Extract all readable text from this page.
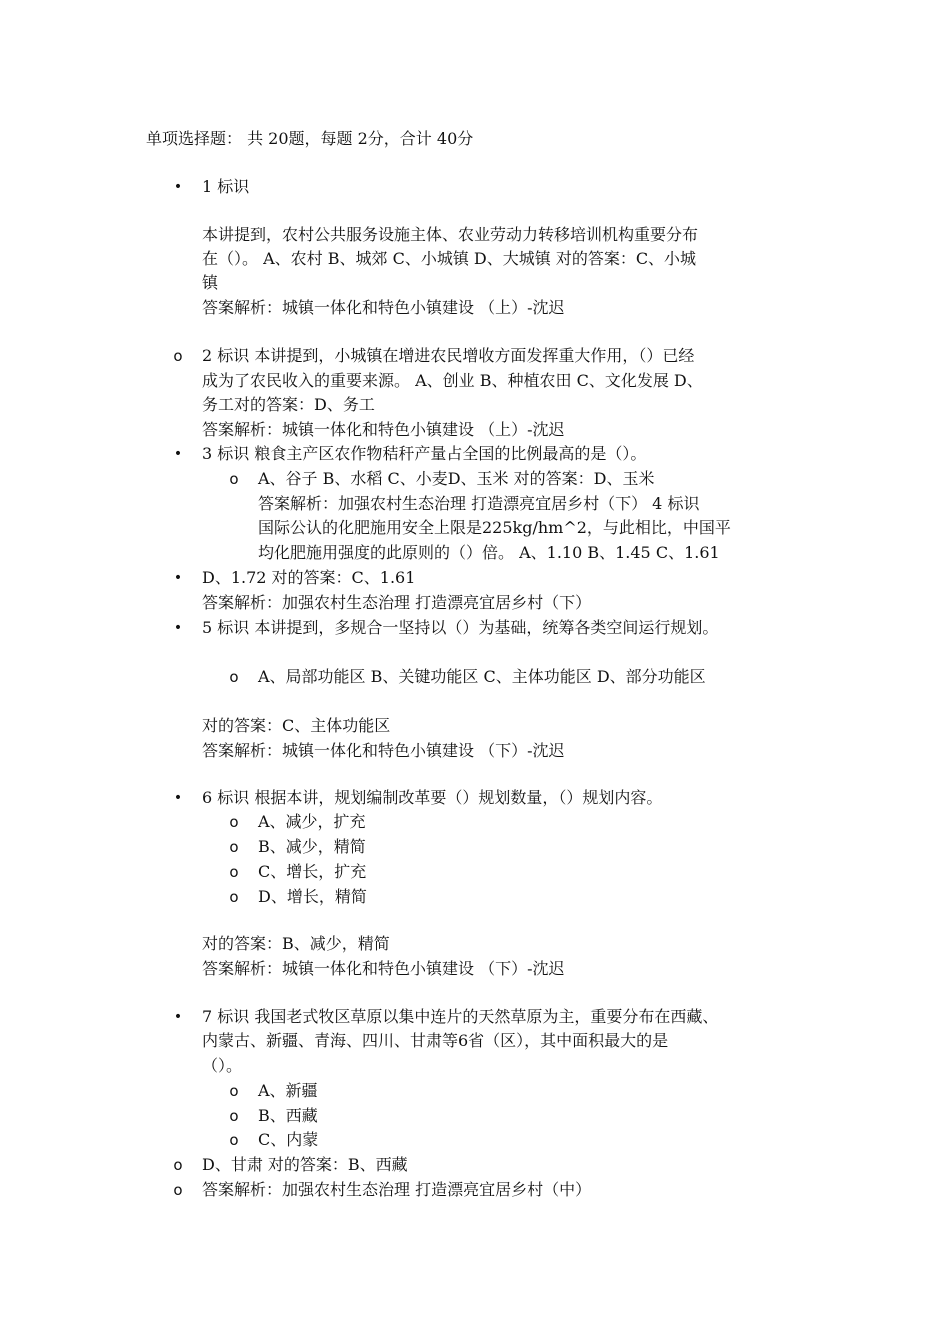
单项选择题： 共 20题，每题 2分，合计 40分
•	1 标识
本讲提到，农村公共服务设施主体、农业劳动力转移培训机构重要分布
在（）。 A、农村 B、城郊 C、小城镇 D、大城镇 对的答案：C、小城
镇
答案解析：城镇一体化和特色小镇建设 （上）-沈迟
o	2 标识 本讲提到，小城镇在增进农民增收方面发挥重大作用，（）已经
成为了农民收入的重要来源。 A、创业 B、种植农田 C、文化发展 D、
务工对的答案：D、务工
答案解析：城镇一体化和特色小镇建设 （上）-沈迟
•	3 标识 粮食主产区农作物秸秆产量占全国的比例最高的是（）。
o	A、谷子 B、水稻 C、小麦D、玉米 对的答案：D、玉米
答案解析：加强农村生态治理 打造漂亮宜居乡村（下） 4 标识
国际公认的化肥施用安全上限是225kg/hm^2，与此相比，中国平
均化肥施用强度的此原则的（）倍。 A、1.10 B、1.45 C、1.61
•	D、1.72 对的答案：C、1.61
答案解析：加强农村生态治理 打造漂亮宜居乡村（下）
•	5 标识 本讲提到，多规合一坚持以（）为基础，统筹各类空间运行规划。
o	A、局部功能区 B、关键功能区 C、主体功能区 D、部分功能区
对的答案：C、主体功能区
答案解析：城镇一体化和特色小镇建设 （下）-沈迟
•	6 标识 根据本讲，规划编制改革要（）规划数量，（）规划内容。
o	A、减少，扩充
o	B、减少，精简
o	C、增长，扩充
o	D、增长，精简
对的答案：B、减少，精简
答案解析：城镇一体化和特色小镇建设 （下）-沈迟
•	7 标识 我国老式牧区草原以集中连片的天然草原为主，重要分布在西藏、
内蒙古、新疆、青海、四川、甘肃等6省（区），其中面积最大的是
（）。
o	A、新疆
o	B、西藏
o	C、内蒙
o	D、甘肃 对的答案：B、西藏
o	答案解析：加强农村生态治理 打造漂亮宜居乡村（中）
